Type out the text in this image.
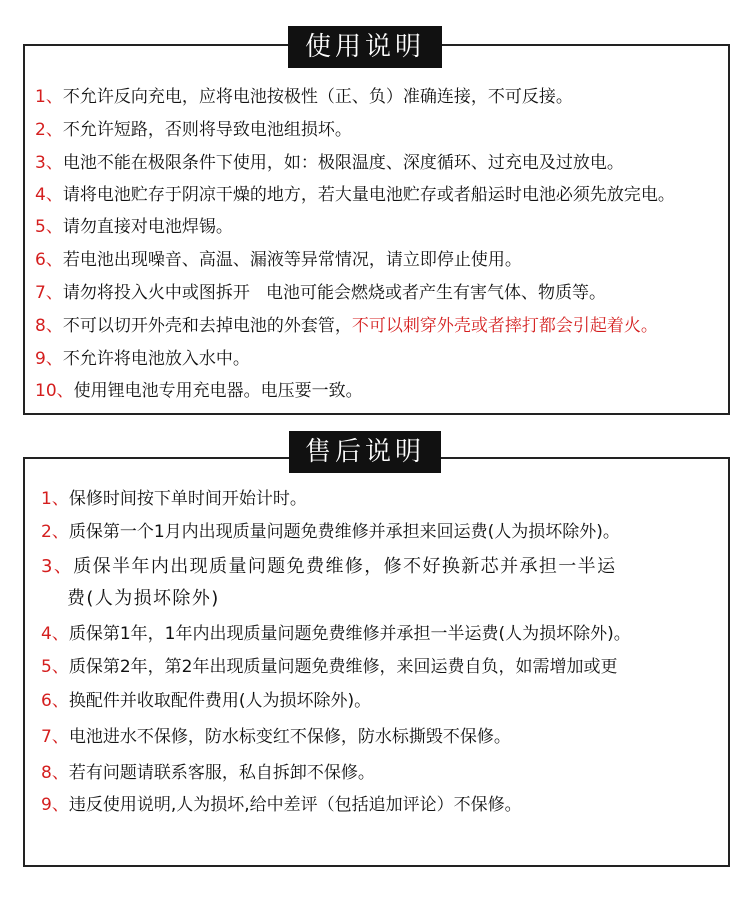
1、不允许反向充电，应将电池按极性（正、负）准确连接，不可反接。
2、不允许短路，否则将导致电池组损坏。
3、电池不能在极限条件下使用，如：极限温度、深度循环、过充电及过放电。
4、请将电池贮存于阴凉干燥的地方，若大量电池贮存或者船运时电池必须先放完电。
5、请勿直接对电池焊锡。
6、若电池出现噪音、高温、漏液等异常情况，请立即停止使用。
7、请勿将投入火中或图拆开   电池可能会燃烧或者产生有害气体、物质等。
8、不可以切开外壳和去掉电池的外套管，不可以刺穿外壳或者摔打都会引起着火。
9、不允许将电池放入水中。
10、使用锂电池专用充电器。电压要一致。
使用说明
1、保修时间按下单时间开始计时。
2、质保第一个1月内出现质量问题免费维修并承担来回运费(人为损坏除外)。
3、质保半年内出现质量问题免费维修，修不好换新芯并承担一半运
费(人为损坏除外)
4、质保第1年，1年内出现质量问题免费维修并承担一半运费(人为损坏除外)。
5、质保第2年，第2年出现质量问题免费维修，来回运费自负，如需增加或更
6、换配件并收取配件费用(人为损坏除外)。
7、电池进水不保修，防水标变红不保修，防水标撕毁不保修。
8、若有问题请联系客服，私自拆卸不保修。
9、违反使用说明,人为损坏,给中差评（包括追加评论）不保修。
售后说明
